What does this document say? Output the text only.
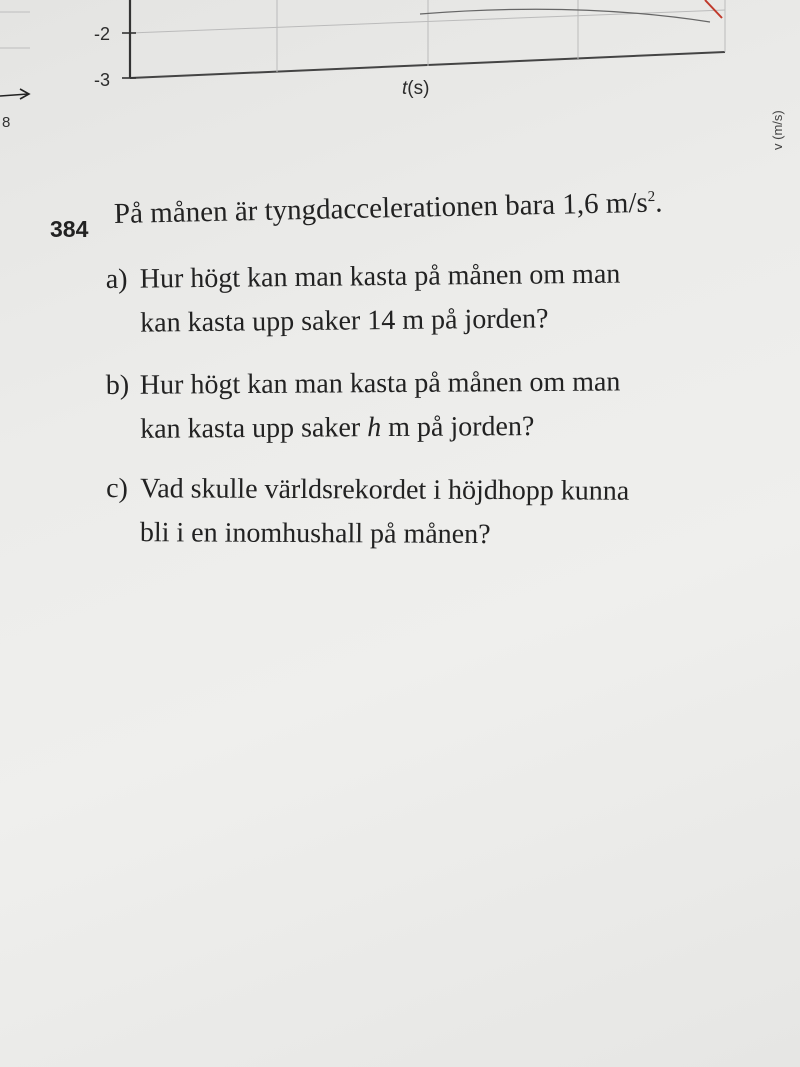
-2
-3	t(s)
8	v (m/s)
384 På månen är tyngdaccelerationen bara 1,6 $m/s^2$.
a) Hur högt kan man kasta på månen om man
kan kasta upp saker 14 m på jorden?
b) Hur högt kan man kasta på månen om man
kan kasta upp saker h m på jorden?
c) Vad skulle världsrekordet i höjdhopp kunna
bli i en inomhushall på månen?
